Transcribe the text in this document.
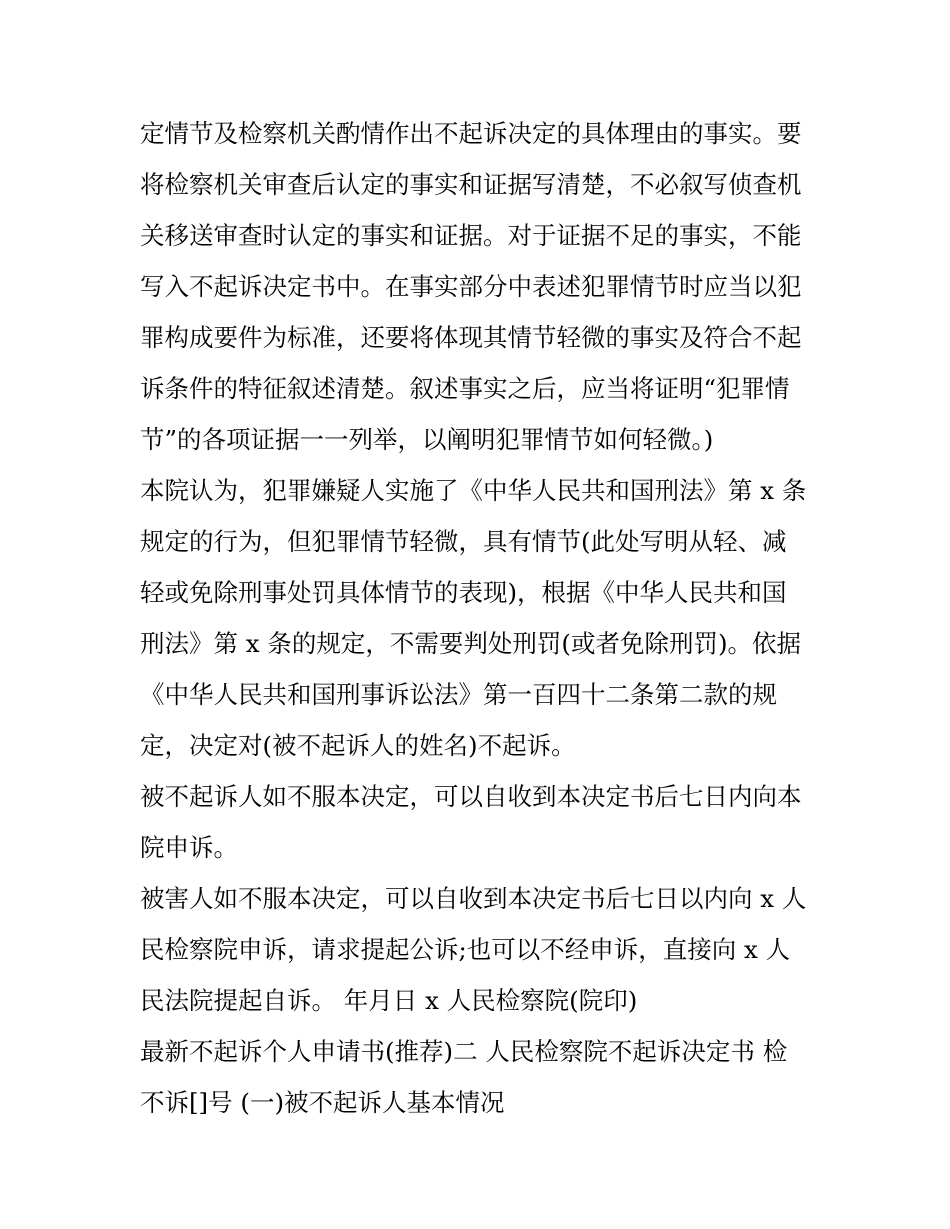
定情节及检察机关酌情作出不起诉决定的具体理由的事实。要
将检察机关审查后认定的事实和证据写清楚，不必叙写侦查机
关移送审查时认定的事实和证据。对于证据不足的事实，不能
写入不起诉决定书中。在事实部分中表述犯罪情节时应当以犯
罪构成要件为标准，还要将体现其情节轻微的事实及符合不起
诉条件的特征叙述清楚。叙述事实之后，应当将证明“犯罪情
节”的各项证据一一列举，以阐明犯罪情节如何轻微。)
本院认为，犯罪嫌疑人实施了《中华人民共和国刑法》第 x 条
规定的行为，但犯罪情节轻微，具有情节(此处写明从轻、减
轻或免除刑事处罚具体情节的表现)，根据《中华人民共和国
刑法》第 x 条的规定，不需要判处刑罚(或者免除刑罚)。依据
《中华人民共和国刑事诉讼法》第一百四十二条第二款的规
定，决定对(被不起诉人的姓名)不起诉。
被不起诉人如不服本决定，可以自收到本决定书后七日内向本
院申诉。
被害人如不服本决定，可以自收到本决定书后七日以内向 x 人
民检察院申诉，请求提起公诉;也可以不经申诉，直接向 x 人
民法院提起自诉。 年月日 x 人民检察院(院印)
最新不起诉个人申请书(推荐)二 人民检察院不起诉决定书 检
不诉[]号 (一)被不起诉人基本情况
